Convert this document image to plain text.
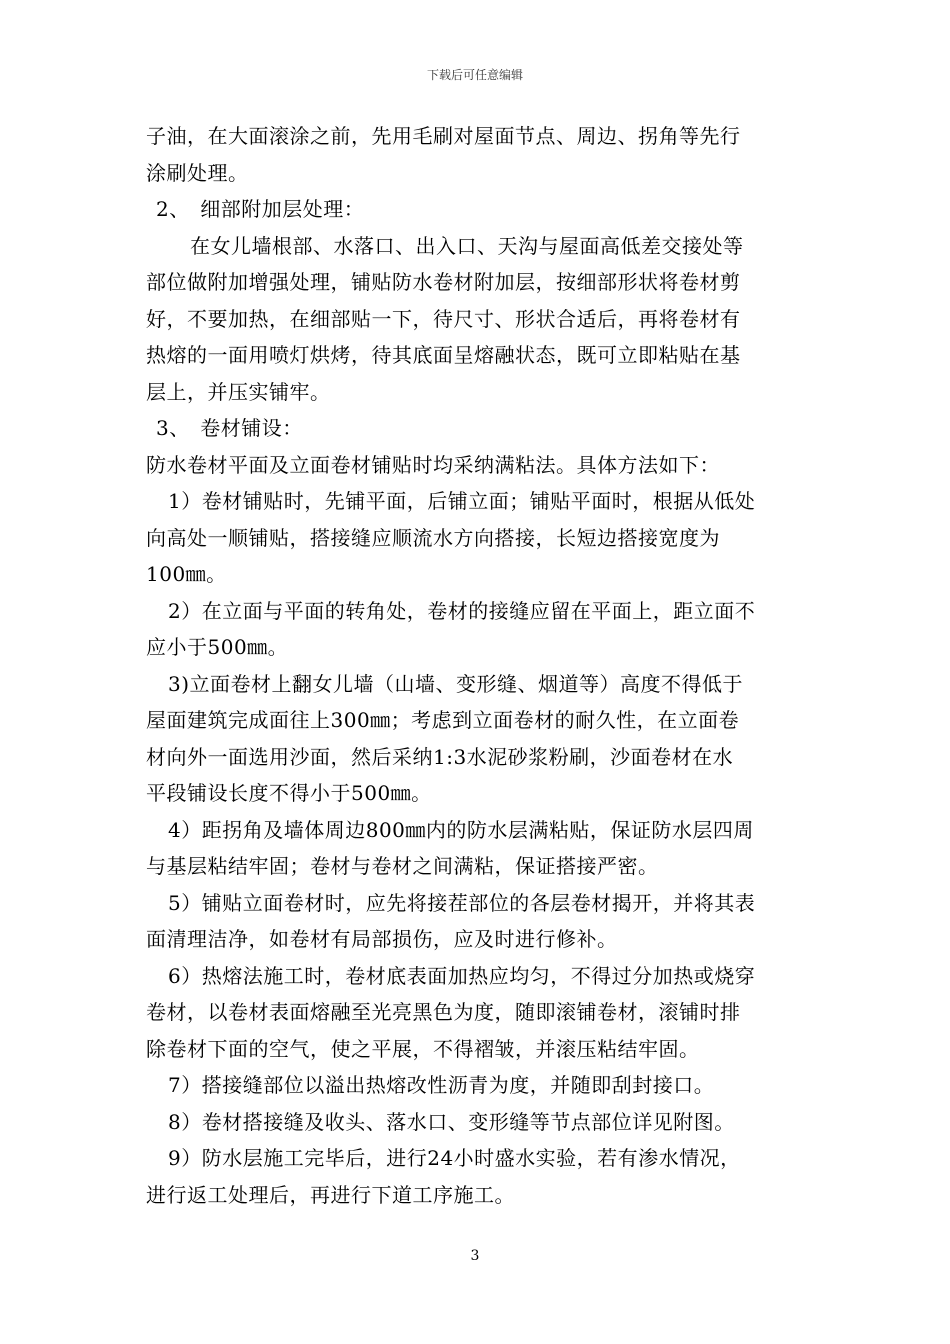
下载后可任意编辑
子油，在大面滚涂之前，先用毛刷对屋面节点、周边、拐角等先行
涂刷处理。
2、　细部附加层处理：
在女儿墙根部、水落口、出入口、天沟与屋面高低差交接处等
部位做附加增强处理，铺贴防水卷材附加层，按细部形状将卷材剪
好，不要加热，在细部贴一下，待尺寸、形状合适后，再将卷材有
热熔的一面用喷灯烘烤，待其底面呈熔融状态，既可立即粘贴在基
层上，并压实铺牢。
3、　卷材铺设：
防水卷材平面及立面卷材铺贴时均采纳满粘法。具体方法如下：
1）卷材铺贴时，先铺平面，后铺立面；铺贴平面时，根据从低处
向高处一顺铺贴，搭接缝应顺流水方向搭接，长短边搭接宽度为
100㎜。
2）在立面与平面的转角处，卷材的接缝应留在平面上，距立面不
应小于500㎜。
3)立面卷材上翻女儿墙（山墙、变形缝、烟道等）高度不得低于
屋面建筑完成面往上300㎜；考虑到立面卷材的耐久性，在立面卷
材向外一面选用沙面，然后采纳1:3水泥砂浆粉刷，沙面卷材在水
平段铺设长度不得小于500㎜。
4）距拐角及墙体周边800㎜内的防水层满粘贴，保证防水层四周
与基层粘结牢固；卷材与卷材之间满粘，保证搭接严密。
5）铺贴立面卷材时，应先将接茬部位的各层卷材揭开，并将其表
面清理洁净，如卷材有局部损伤，应及时进行修补。
6）热熔法施工时，卷材底表面加热应均匀，不得过分加热或烧穿
卷材，以卷材表面熔融至光亮黑色为度，随即滚铺卷材，滚铺时排
除卷材下面的空气，使之平展，不得褶皱，并滚压粘结牢固。
7）搭接缝部位以溢出热熔改性沥青为度，并随即刮封接口。
8）卷材搭接缝及收头、落水口、变形缝等节点部位详见附图。
9）防水层施工完毕后，进行24小时盛水实验，若有渗水情况，
进行返工处理后，再进行下道工序施工。
3
